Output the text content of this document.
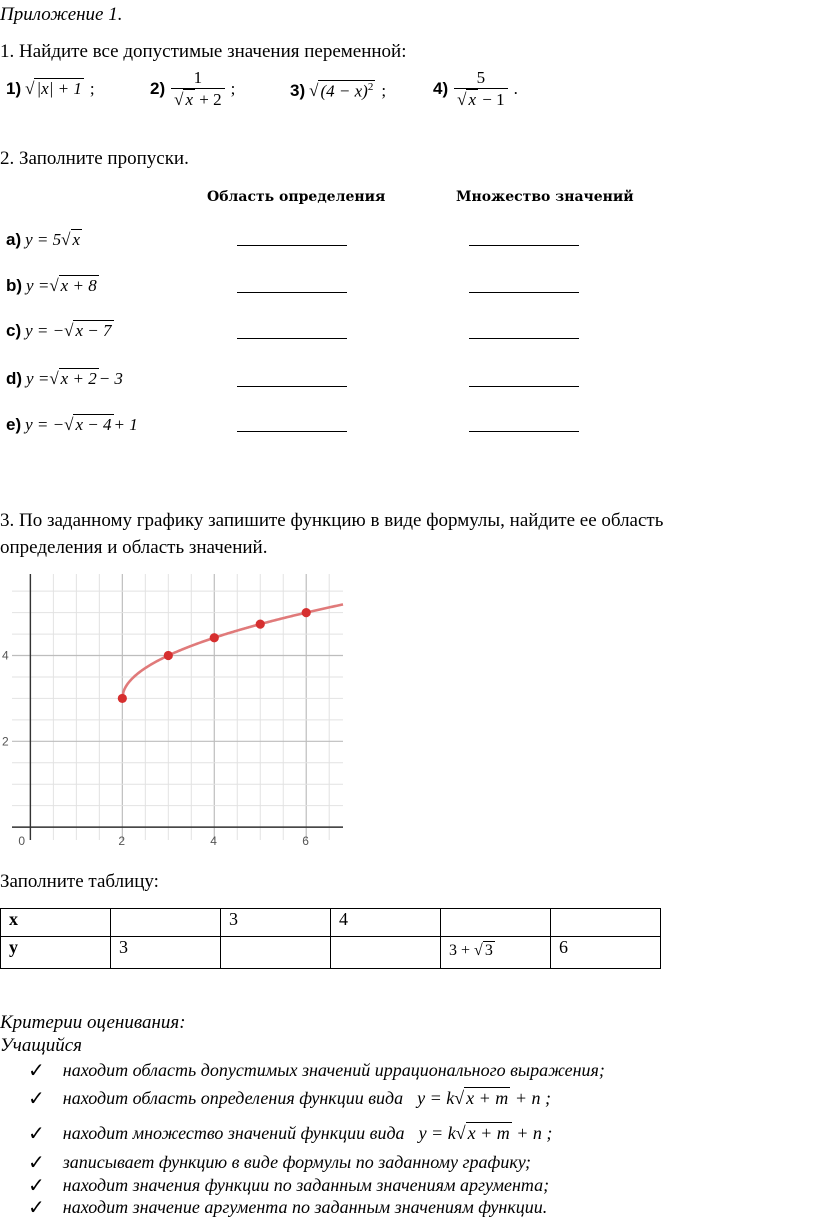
Приложение 1.
1. Найдите все допустимые значения переменной:
1) √ |x| + 1 ;	$2) \frac{1}{√ x + 2}$ ;	3) √ $(4 - x)^2$ ;	$4) \frac{5}{√ x - 1}$ .
2. Заполните пропуски.
Область определения	Множество значений
a) y = 5 √ x
b) y = √ x + 8
c) y = − √ x − 7
d) y = √ x + 2 − 3
e) y = − √ x − 4 + 1
3. По заданному графику запишите функцию в виде формулы, найдите ее область
определения и область значений.
0	2	4	6
2
4
Заполните таблицу:
x		3	4		
y	3			3 + √ 3	6
Критерии оценивания:
Учащийся
✓ находит область допустимых значений иррационального выражения;
✓ находит область определения функции вида y = k√ x + m + n ;
✓ находит множество значений функции вида y = k√ x + m + n ;
✓ записывает функцию в виде формулы по заданному графику;
✓ находит значения функции по заданным значениям аргумента;
✓ находит значение аргумента по заданным значениям функции.
